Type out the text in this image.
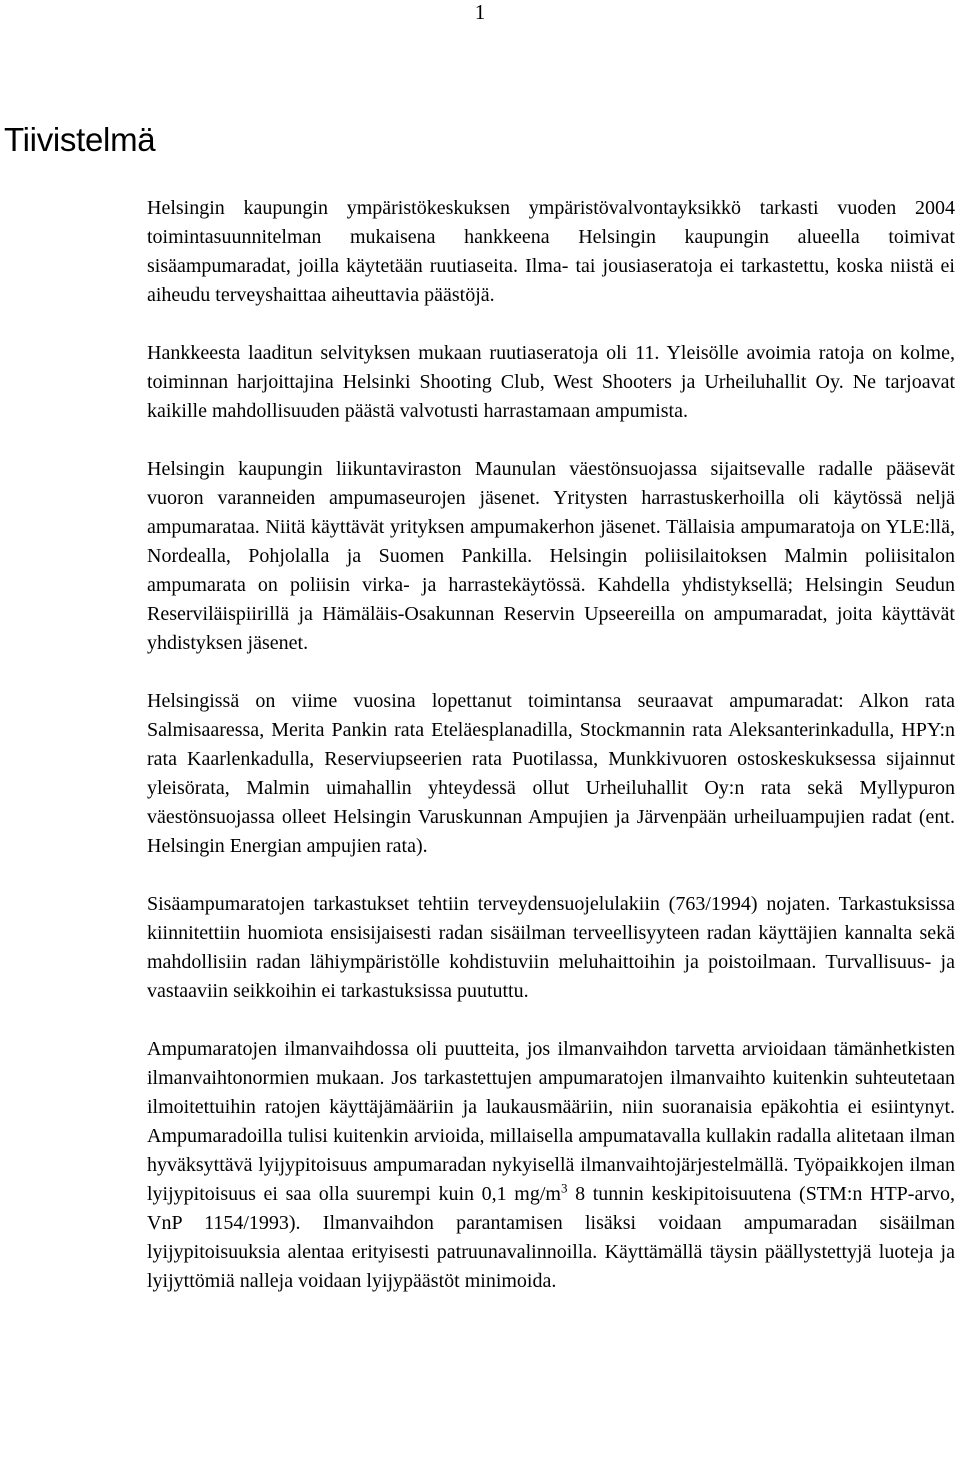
1
Tiivistelmä

Helsingin kaupungin ympäristökeskuksen ympäristövalvontayksikkö tarkasti vuoden 2004 toimintasuunnitelman mukaisena hankkeena Helsingin kaupungin alueella toimivat sisäampumaradat, joilla käytetään ruutiaseita. Ilma- tai jousiaseratoja ei tarkastettu, koska niistä ei aiheudu terveyshaittaa aiheuttavia päästöjä.

Hankkeesta laaditun selvityksen mukaan ruutiaseratoja oli 11. Yleisölle avoimia ratoja on kolme, toiminnan harjoittajina Helsinki Shooting Club, West Shooters ja Urheiluhallit Oy. Ne tarjoavat kaikille mahdollisuuden päästä valvotusti harrastamaan ampumista.

Helsingin kaupungin liikuntaviraston Maunulan väestönsuojassa sijaitsevalle radalle pääsevät vuoron varanneiden ampumaseurojen jäsenet. Yritysten harrastuskerhoilla oli käytössä neljä ampumarataa. Niitä käyttävät yrityksen ampumakerhon jäsenet. Tällaisia ampumaratoja on YLE:llä, Nordealla, Pohjolalla ja Suomen Pankilla. Helsingin poliisilaitoksen Malmin poliisitalon ampumarata on poliisin virka- ja harrastekäytössä. Kahdella yhdistyksellä; Helsingin Seudun Reserviläispiirillä ja Hämäläis-Osakunnan Reservin Upseereilla on ampumaradat, joita käyttävät yhdistyksen jäsenet.

Helsingissä on viime vuosina lopettanut toimintansa seuraavat ampumaradat: Alkon rata Salmisaaressa, Merita Pankin rata Eteläesplanadilla, Stockmannin rata Aleksanterinkadulla, HPY:n rata Kaarlenkadulla, Reserviupseerien rata Puotilassa, Munkkivuoren ostoskeskuksessa sijainnut yleisörata, Malmin uimahallin yhteydessä ollut Urheiluhallit Oy:n rata sekä Myllypuron väestönsuojassa olleet Helsingin Varuskunnan Ampujien ja Järvenpään urheiluampujien radat (ent. Helsingin Energian ampujien rata).

Sisäampumaratojen tarkastukset tehtiin terveydensuojelulakiin (763/1994) nojaten. Tarkastuksissa kiinnitettiin huomiota ensisijaisesti radan sisäilman terveellisyyteen radan käyttäjien kannalta sekä mahdollisiin radan lähiympäristölle kohdistuviin meluhaittoihin ja poistoilmaan. Turvallisuus- ja vastaaviin seikkoihin ei tarkastuksissa puututtu.

Ampumaratojen ilmanvaihdossa oli puutteita, jos ilmanvaihdon tarvetta arvioidaan tämänhetkisten ilmanvaihtonormien mukaan. Jos tarkastettujen ampumaratojen ilmanvaihto kuitenkin suhteutetaan ilmoitettuihin ratojen käyttäjämääriin ja laukausmääriin, niin suoranaisia epäkohtia ei esiintynyt. Ampumaradoilla tulisi kuitenkin arvioida, millaisella ampumatavalla kullakin radalla alitetaan ilman hyväksyttävä lyijypitoisuus ampumaradan nykyisellä ilmanvaihtojärjestelmällä. Työpaikkojen ilman lyijypitoisuus ei saa olla suurempi kuin 0,1 $mg/m^3$ 8 tunnin keskipitoisuutena (STM:n HTP-arvo, VnP 1154/1993). Ilmanvaihdon parantamisen lisäksi voidaan ampumaradan sisäilman lyijypitoisuuksia alentaa erityisesti patruunavalinnoilla. Käyttämällä täysin päällystettyjä luoteja ja lyijyttömiä nalleja voidaan lyijypäästöt minimoida.
